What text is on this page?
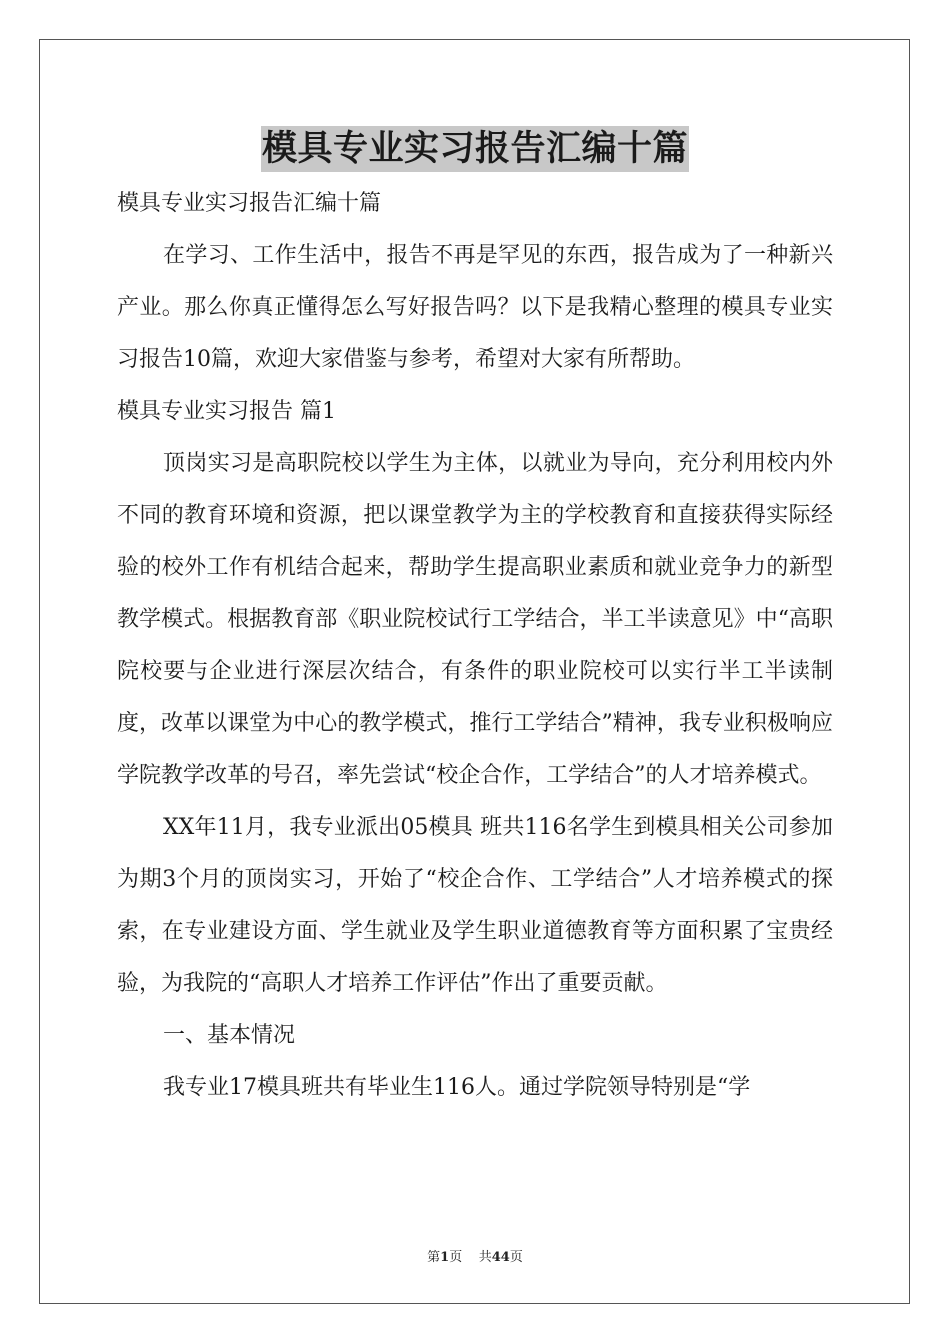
模具专业实习报告汇编十篇

模具专业实习报告汇编十篇

在学习、工作生活中，报告不再是罕见的东西，报告成为了一种新兴产业。那么你真正懂得怎么写好报告吗？以下是我精心整理的模具专业实习报告10篇，欢迎大家借鉴与参考，希望对大家有所帮助。

模具专业实习报告 篇1

顶岗实习是高职院校以学生为主体，以就业为导向，充分利用校内外不同的教育环境和资源，把以课堂教学为主的学校教育和直接获得实际经验的校外工作有机结合起来，帮助学生提高职业素质和就业竞争力的新型教学模式。根据教育部《职业院校试行工学结合，半工半读意见》中“高职院校要与企业进行深层次结合，有条件的职业院校可以实行半工半读制度，改革以课堂为中心的教学模式，推行工学结合”精神，我专业积极响应学院教学改革的号召，率先尝试“校企合作，工学结合”的人才培养模式。

XX年11月，我专业派出05模具 班共116名学生到模具相关公司参加为期3个月的顶岗实习，开始了“校企合作、工学结合”人才培养模式的探索，在专业建设方面、学生就业及学生职业道德教育等方面积累了宝贵经验，为我院的“高职人才培养工作评估”作出了重要贡献。

一、基本情况

我专业17模具班共有毕业生116人。通过学院领导特别是“学

第1页 共44页
